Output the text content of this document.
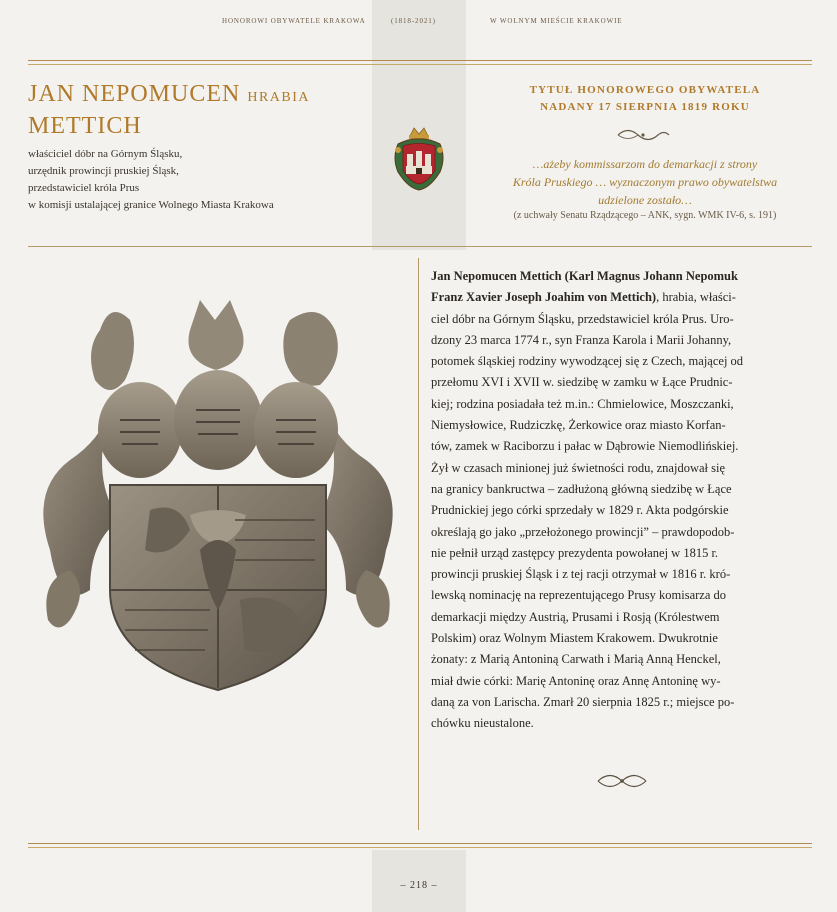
HONOROWI OBYWATELE KRAKOWA	(1818-2021)	W WOLNYM MIEŚCIE KRAKOWIE
JAN NEPOMUCEN HRABIA
METTICH
właściciel dóbr na Górnym Śląsku,
urzędnik prowincji pruskiej Śląsk,
przedstawiciel króla Prus
w komisji ustalającej granice Wolnego Miasta Krakowa
TYTUŁ HONOROWEGO OBYWATELA
NADANY 17 SIERPNIA 1819 ROKU
…ażeby kommissarzom do demarkacji z strony
Króla Pruskiego … wyznaczonym prawo obywatelstwa
udzielone zostało…
(z uchwały Senatu Rządzącego – ANK, sygn. WMK IV-6, s. 191)
Jan Nepomucen Mettich (Karl Magnus Johann Nepomuk
Franz Xavier Joseph Joahim von Mettich), hrabia, właści-
ciel dóbr na Górnym Śląsku, przedstawiciel króla Prus. Uro-
dzony 23 marca 1774 r., syn Franza Karola i Marii Johanny,
potomek śląskiej rodziny wywodzącej się z Czech, mającej od
przełomu XVI i XVII w. siedzibę w zamku w Łące Prudnic-
kiej; rodzina posiadała też m.in.: Chmielowice, Moszczanki,
Niemysłowice, Rudziczkę, Żerkowice oraz miasto Korfan-
tów, zamek w Raciborzu i pałac w Dąbrowie Niemodlińskiej.
Żył w czasach minionej już świetności rodu, znajdował się
na granicy bankructwa – zadłużoną główną siedzibę w Łące
Prudnickiej jego córki sprzedały w 1829 r. Akta podgórskie
określają go jako „przełożonego prowincji” – prawdopodob-
nie pełnił urząd zastępcy prezydenta powołanej w 1815 r.
prowincji pruskiej Śląsk i z tej racji otrzymał w 1816 r. kró-
lewską nominację na reprezentującego Prusy komisarza do
demarkacji między Austrią, Prusami i Rosją (Królestwem
Polskim) oraz Wolnym Miastem Krakowem. Dwukrotnie
żonaty: z Marią Antoniną Carwath i Marią Anną Henckel,
miał dwie córki: Marię Antoninę oraz Annę Antoninę wy-
daną za von Larischa. Zmarł 20 sierpnia 1825 r.; miejsce po-
chówku nieustalone.
– 218 –
